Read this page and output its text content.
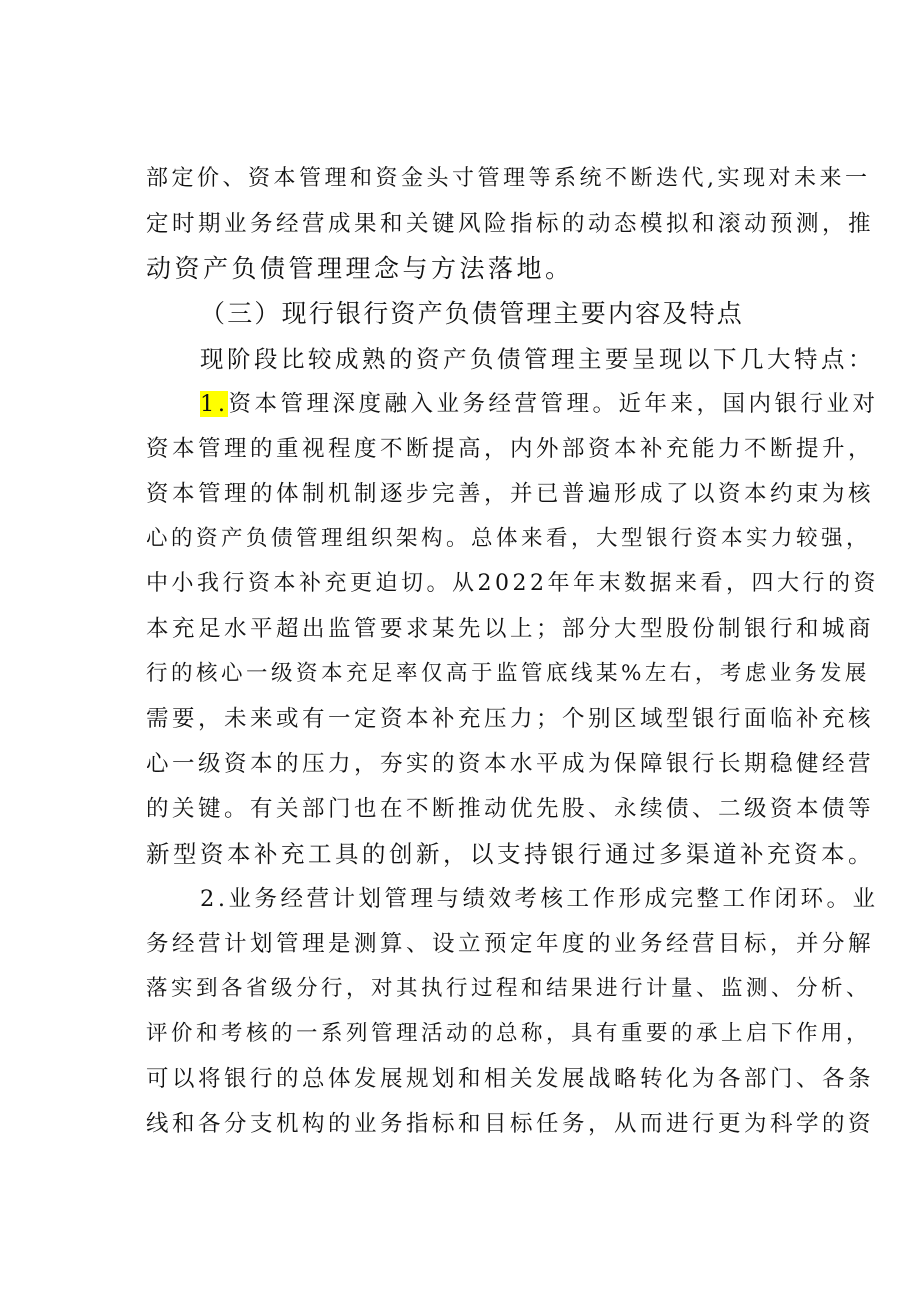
部定价、资本管理和资金头寸管理等系统不断迭代,实现对未来一
定时期业务经营成果和关键风险指标的动态模拟和滚动预测，推
动资产负债管理理念与方法落地。
（三）现行银行资产负债管理主要内容及特点
现阶段比较成熟的资产负债管理主要呈现以下几大特点：
1.资本管理深度融入业务经营管理。近年来，国内银行业对
资本管理的重视程度不断提高，内外部资本补充能力不断提升，
资本管理的体制机制逐步完善，并已普遍形成了以资本约束为核
心的资产负债管理组织架构。总体来看，大型银行资本实力较强，
中小我行资本补充更迫切。从2022年年末数据来看，四大行的资
本充足水平超出监管要求某先以上；部分大型股份制银行和城商
行的核心一级资本充足率仅高于监管底线某%左右，考虑业务发展
需要，未来或有一定资本补充压力；个别区域型银行面临补充核
心一级资本的压力，夯实的资本水平成为保障银行长期稳健经营
的关键。有关部门也在不断推动优先股、永续债、二级资本债等
新型资本补充工具的创新，以支持银行通过多渠道补充资本。
2.业务经营计划管理与绩效考核工作形成完整工作闭环。业
务经营计划管理是测算、设立预定年度的业务经营目标，并分解
落实到各省级分行，对其执行过程和结果进行计量、监测、分析、
评价和考核的一系列管理活动的总称，具有重要的承上启下作用，
可以将银行的总体发展规划和相关发展战略转化为各部门、各条
线和各分支机构的业务指标和目标任务，从而进行更为科学的资
